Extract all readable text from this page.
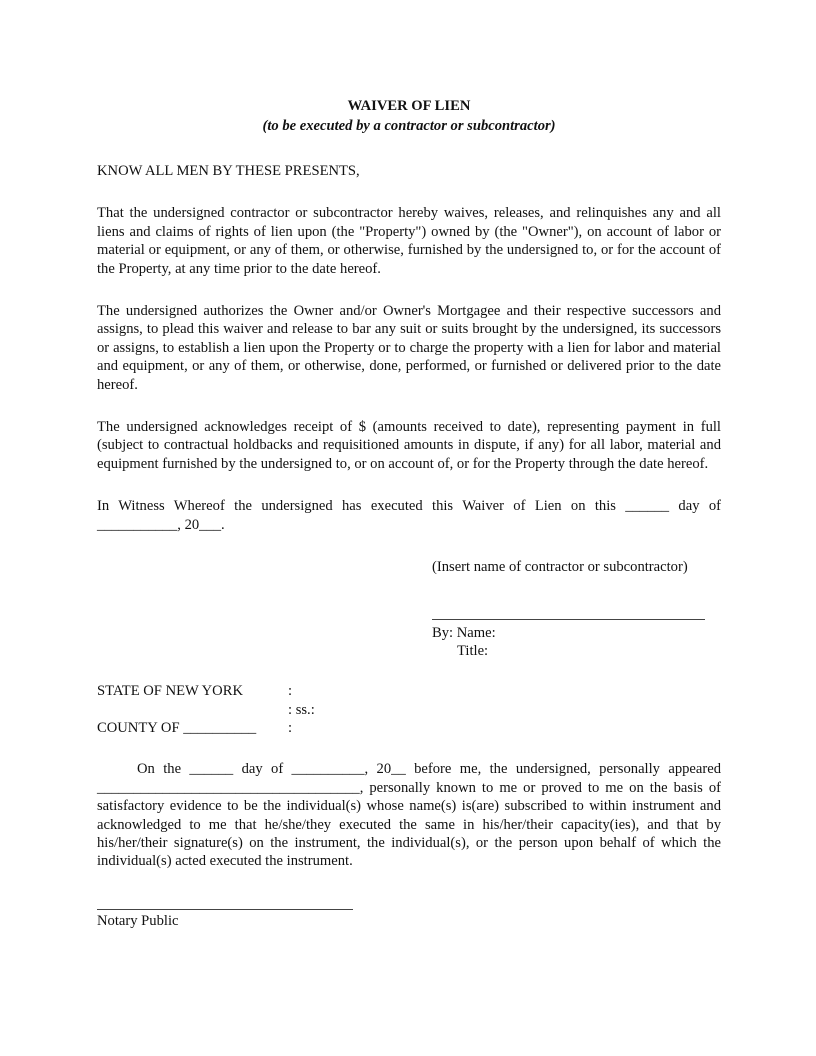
WAIVER OF LIEN

(to be executed by a contractor or subcontractor)

KNOW ALL MEN BY THESE PRESENTS,

That the undersigned contractor or subcontractor hereby waives, releases, and relinquishes any and all liens and claims of rights of lien upon (the "Property") owned by (the "Owner"), on account of labor or material or equipment, or any of them, or otherwise, furnished by the undersigned to, or for the account of the Property, at any time prior to the date hereof.

The undersigned authorizes the Owner and/or Owner's Mortgagee and their respective successors and assigns, to plead this waiver and release to bar any suit or suits brought by the undersigned, its successors or assigns, to establish a lien upon the Property or to charge the property with a lien for labor and material and equipment, or any of them, or otherwise, done, performed, or furnished or delivered prior to the date hereof.

The undersigned acknowledges receipt of $ (amounts received to date), representing payment in full (subject to contractual holdbacks and requisitioned amounts in dispute, if any) for all labor, material and equipment furnished by the undersigned to, or on account of, or for the Property through the date hereof.

In Witness Whereof the undersigned has executed this Waiver of Lien on this ______ day of ___________, 20___.

(Insert name of contractor or subcontractor)
By: Name:
Title:
STATE OF NEW YORK	:
: ss.:
COUNTY OF __________ :

On the ______ day of __________, 20__ before me, the undersigned, personally appeared ____________________________________, personally known to me or proved to me on the basis of satisfactory evidence to be the individual(s) whose name(s) is(are) subscribed to within instrument and acknowledged to me that he/she/they executed the same in his/her/their capacity(ies), and that by his/her/their signature(s) on the instrument, the individual(s), or the person upon behalf of which the individual(s) acted executed the instrument.

Notary Public
